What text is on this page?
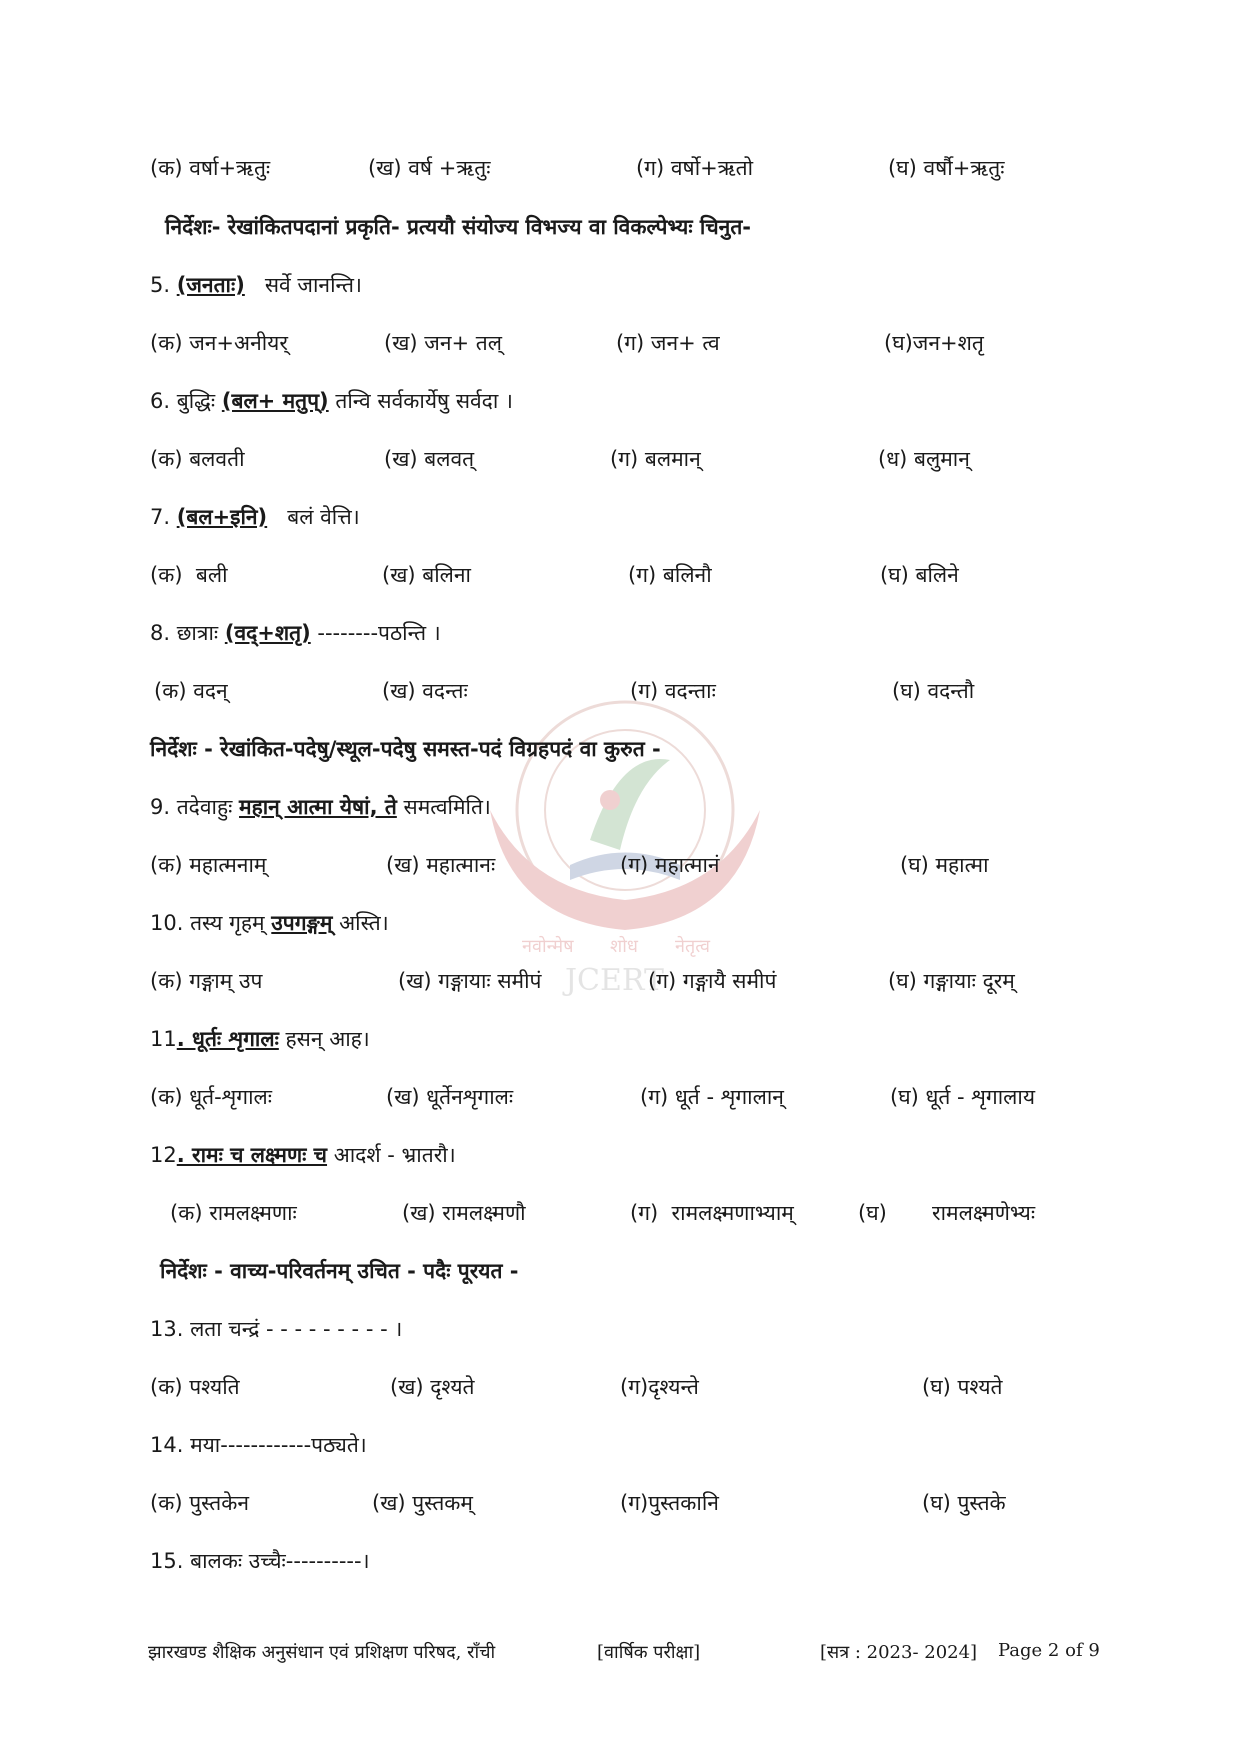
नवोन्मेष शोध नेतृत्व
JCERT
(क) वर्षा+ऋतुः	(ख) वर्ष +ऋतुः	(ग) वर्षो+ऋतो	(घ) वर्षौ+ऋतुः
निर्देशः- रेखांकितपदानां प्रकृति- प्रत्ययौ संयोज्य विभज्य वा विकल्पेभ्यः चिनुत-
5. (जनताः) सर्वे जानन्ति।
(क) जन+अनीयर्	(ख) जन+ तल्	(ग) जन+ त्व	(घ)जन+शतृ
6. बुद्धिः (बल+ मतुप्) तन्वि सर्वकार्येषु सर्वदा ।
(क) बलवती	(ख) बलवत्	(ग) बलमान्	(ध) बलुमान्
7. (बल+इनि) बलं वेत्ति।
(क)  बली	(ख) बलिना	(ग) बलिनौ	(घ) बलिने
8. छात्राः (वद्+शतृ) --------पठन्ति ।
(क) वदन्	(ख) वदन्तः	(ग) वदन्ताः	(घ) वदन्तौ
निर्देशः - रेखांकित-पदेषु/स्थूल-पदेषु समस्त-पदं विग्रहपदं वा कुरुत -
9. तदेवाहुः महान् आत्मा येषां, ते समत्वमिति।
(क) महात्मनाम्	(ख) महात्मानः	(ग) महात्मानं	(घ) महात्मा
10. तस्य गृहम् उपगङ्गम् अस्ति।
(क) गङ्गाम् उप	(ख) गङ्गायाः समीपं	(ग) गङ्गायै समीपं	(घ) गङ्गायाः दूरम्
11. धूर्तः शृगालः हसन् आह।
(क) धूर्त-शृगालः	(ख) धूर्तेनशृगालः	(ग) धूर्त - शृगालान्	(घ) धूर्त - शृगालाय
12. रामः च लक्ष्मणः च आदर्श - भ्रातरौ।
(क) रामलक्ष्मणाः	(ख) रामलक्ष्मणौ	(ग)  रामलक्ष्मणाभ्याम्	(घ) रामलक्ष्मणेभ्यः
निर्देशः - वाच्य-परिवर्तनम् उचित - पदैः पूरयत -
13. लता चन्द्रं - - - - - - - - - ।
(क) पश्यति	(ख) दृश्यते	(ग)दृश्यन्ते	(घ) पश्यते
14. मया------------पठ्यते।
(क) पुस्तकेन	(ख) पुस्तकम्	(ग)पुस्तकानि	(घ) पुस्तके
15. बालकः उच्चैः----------।
झारखण्ड शैक्षिक अनुसंधान एवं प्रशिक्षण परिषद, राँची	[वार्षिक परीक्षा]	[सत्र : 2023- 2024] Page 2 of 9
